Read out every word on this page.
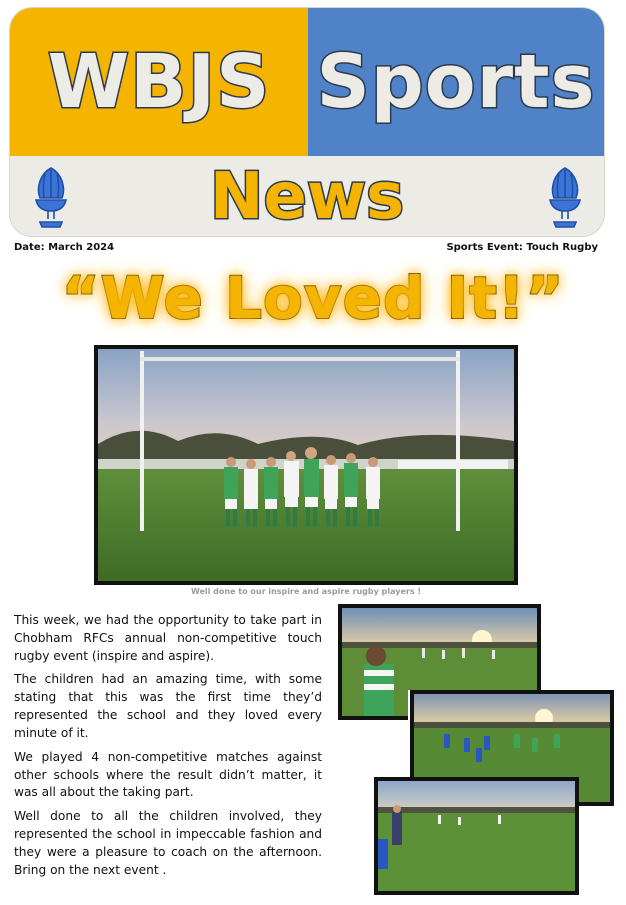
WBJS Sports
News
Date: March 2024	Sports Event: Touch Rugby
“We Loved It!”
Well done to our inspire and aspire rugby players !

This week, we had the opportunity to take part in Chobham RFCs annual non-competitive touch rugby event (inspire and aspire).

The children had an amazing time, with some stating that this was the first time they’d represented the school and they loved every minute of it.

We played 4 non-competitive matches against other schools where the result didn’t matter, it was all about the taking part.

Well done to all the children involved, they represented the school in impeccable fashion and they were a pleasure to coach on the afternoon. Bring on the next event .
